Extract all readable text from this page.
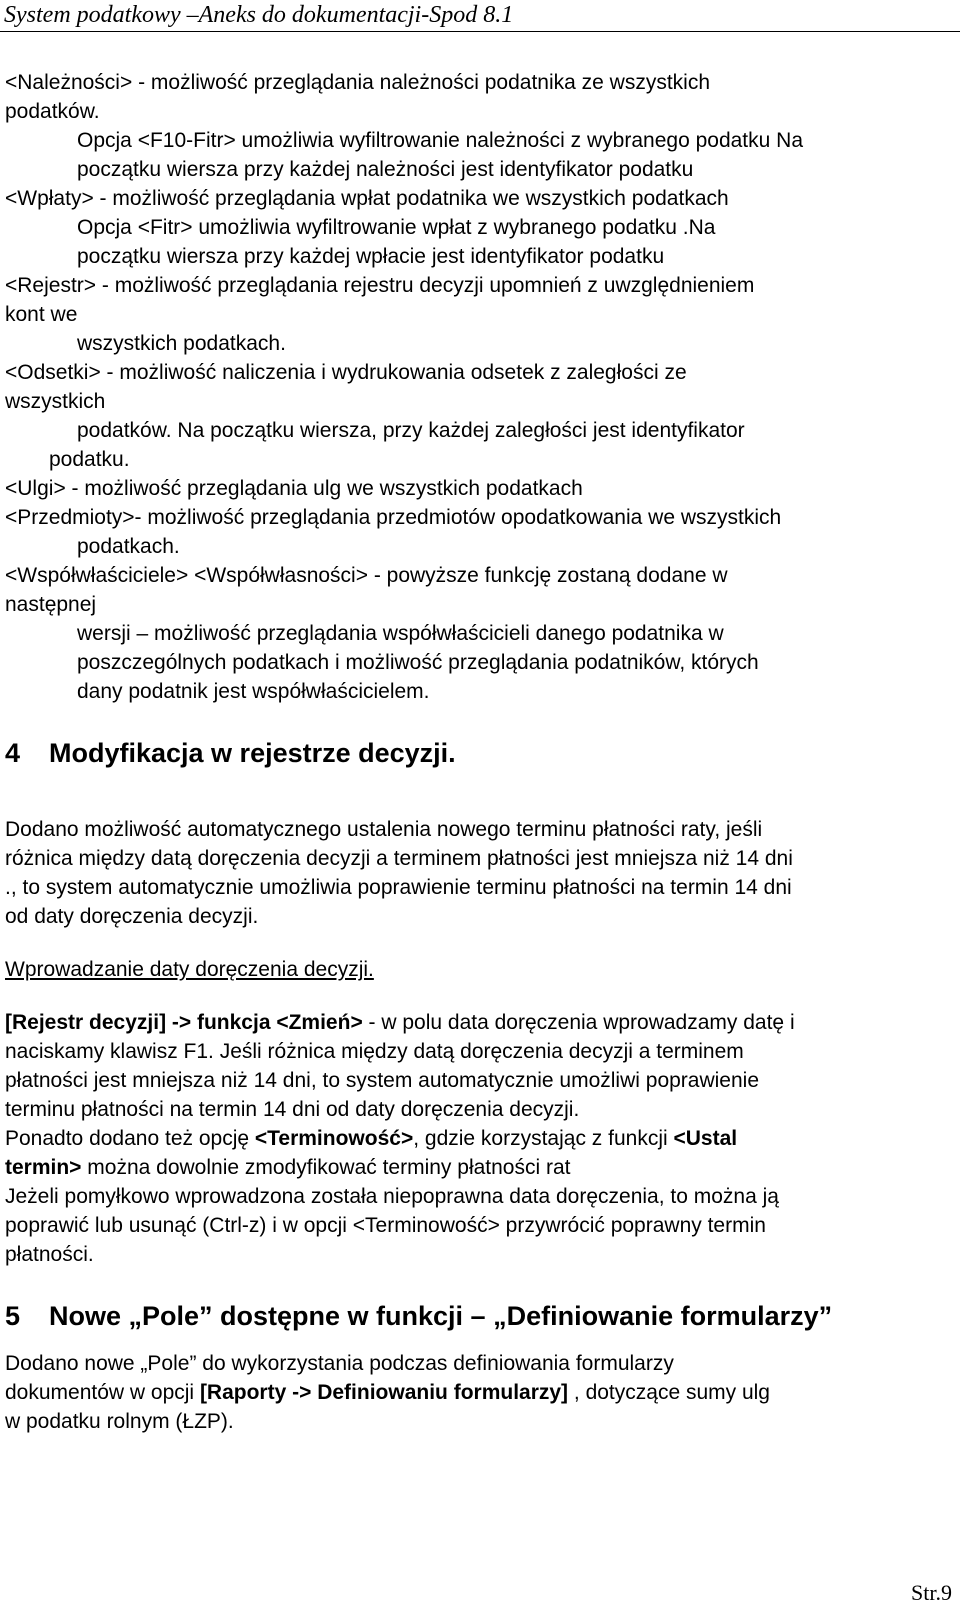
System podatkowy –Aneks do dokumentacji-Spod 8.1

<Należności> - możliwość przeglądania należności podatnika ze wszystkich

podatków.

Opcja <F10-Fitr> umożliwia wyfiltrowanie należności z wybranego podatku Na

początku wiersza przy każdej należności jest identyfikator podatku

<Wpłaty> - możliwość przeglądania wpłat podatnika we wszystkich podatkach

Opcja <Fitr> umożliwia wyfiltrowanie wpłat z wybranego podatku .Na

początku wiersza przy każdej wpłacie jest identyfikator podatku

<Rejestr> - możliwość przeglądania rejestru decyzji upomnień z uwzględnieniem

kont we

wszystkich podatkach.

<Odsetki> - możliwość naliczenia i wydrukowania odsetek z zaległości ze

wszystkich

podatków. Na początku wiersza, przy każdej zaległości jest identyfikator

podatku.

<Ulgi> - możliwość przeglądania ulg we wszystkich podatkach

<Przedmioty>- możliwość przeglądania przedmiotów opodatkowania we wszystkich

podatkach.

<Współwłaściciele> <Współwłasności> - powyższe funkcję zostaną dodane w

następnej

wersji – możliwość przeglądania współwłaścicieli danego podatnika w

poszczególnych podatkach i możliwość przeglądania podatników, których

dany podatnik jest współwłaścicielem.

4 Modyfikacja w rejestrze decyzji.

Dodano możliwość automatycznego ustalenia nowego terminu płatności raty, jeśli

różnica między datą doręczenia decyzji a terminem płatności jest mniejsza niż 14 dni

., to system automatycznie umożliwia poprawienie terminu płatności na termin 14 dni

od daty doręczenia decyzji.

Wprowadzanie daty doręczenia decyzji.

[Rejestr decyzji] -> funkcja <Zmień> - w polu data doręczenia wprowadzamy datę i

naciskamy klawisz F1. Jeśli różnica między datą doręczenia decyzji a terminem

płatności jest mniejsza niż 14 dni, to system automatycznie umożliwi poprawienie

terminu płatności na termin 14 dni od daty doręczenia decyzji.

Ponadto dodano też opcję <Terminowość>, gdzie korzystając z funkcji <Ustal

termin> można dowolnie zmodyfikować terminy płatności rat

Jeżeli pomyłkowo wprowadzona została niepoprawna data doręczenia, to można ją

poprawić lub usunąć (Ctrl-z) i w opcji <Terminowość> przywrócić poprawny termin

płatności.

5 Nowe „Pole” dostępne w funkcji – „Definiowanie formularzy”

Dodano nowe „Pole” do wykorzystania podczas definiowania formularzy

dokumentów w opcji [Raporty -> Definiowaniu formularzy] , dotyczące sumy ulg

w podatku rolnym (ŁZP).

Str.9
